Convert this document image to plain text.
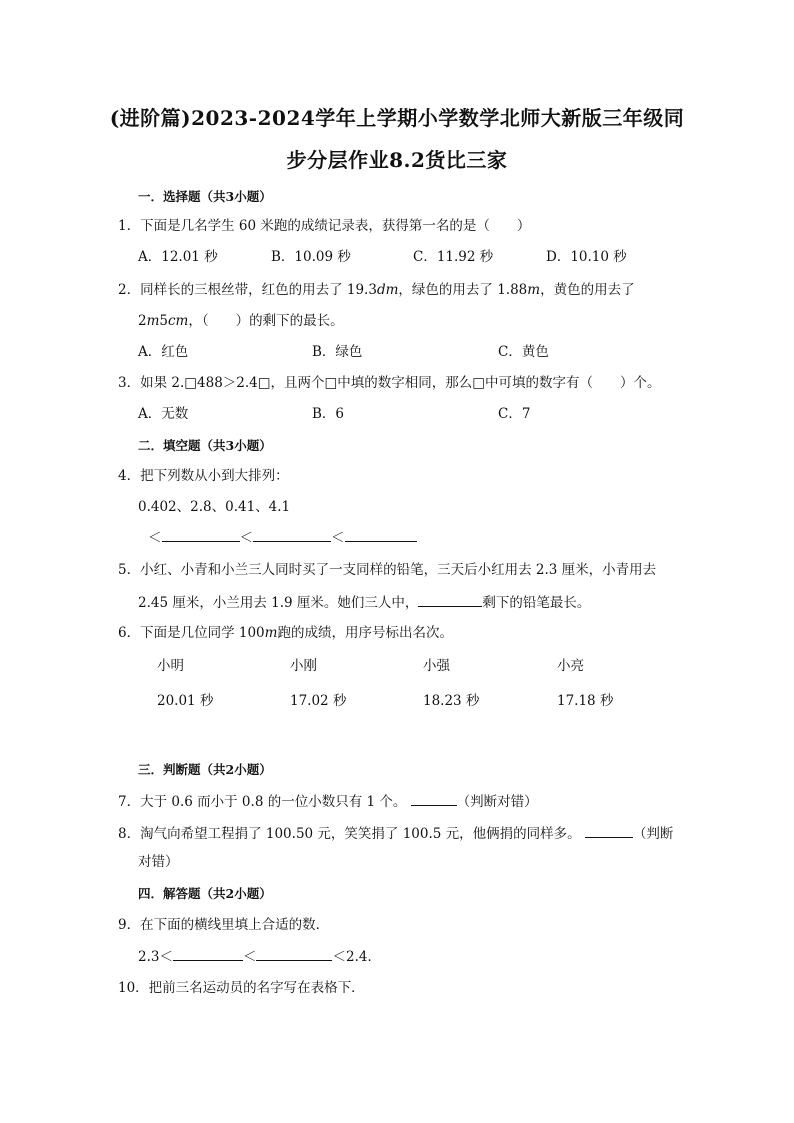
(进阶篇)2023-2024学年上学期小学数学北师大新版三年级同
步分层作业8.2货比三家
一．选择题（共3小题）
1．下面是几名学生 60 米跑的成绩记录表，获得第一名的是（　　）
A．12.01 秒	B．10.09 秒	C．11.92 秒	D．10.10 秒
2．同样长的三根丝带，红色的用去了 19.3dm，绿色的用去了 1.88m，黄色的用去了
2m5cm，（　　）的剩下的最长。
A．红色	B．绿色	C．黄色
3．如果 2.□488＞2.4□，且两个□中填的数字相同，那么□中可填的数字有（　　）个。
A．无数	B．6	C．7
二．填空题（共3小题）
4．把下列数从小到大排列：
0.402、2.8、0.41、4.1
＜	＜	＜
5．小红、小青和小兰三人同时买了一支同样的铅笔，三天后小红用去 2.3 厘米，小青用去
2.45 厘米，小兰用去 1.9 厘米。她们三人中，	剩下的铅笔最长。
6．下面是几位同学 100m跑的成绩，用序号标出名次。
小明	小刚	小强	小亮
20.01 秒	17.02 秒	18.23 秒	17.18 秒
三．判断题（共2小题）
7．大于 0.6 而小于 0.8 的一位小数只有 1 个。	（判断对错）
8．淘气向希望工程捐了 100.50 元，笑笑捐了 100.5 元，他俩捐的同样多。	（判断
对错）
四．解答题（共2小题）
9．在下面的横线里填上合适的数．
2.3＜	＜	＜2.4．
10．把前三名运动员的名字写在表格下．
